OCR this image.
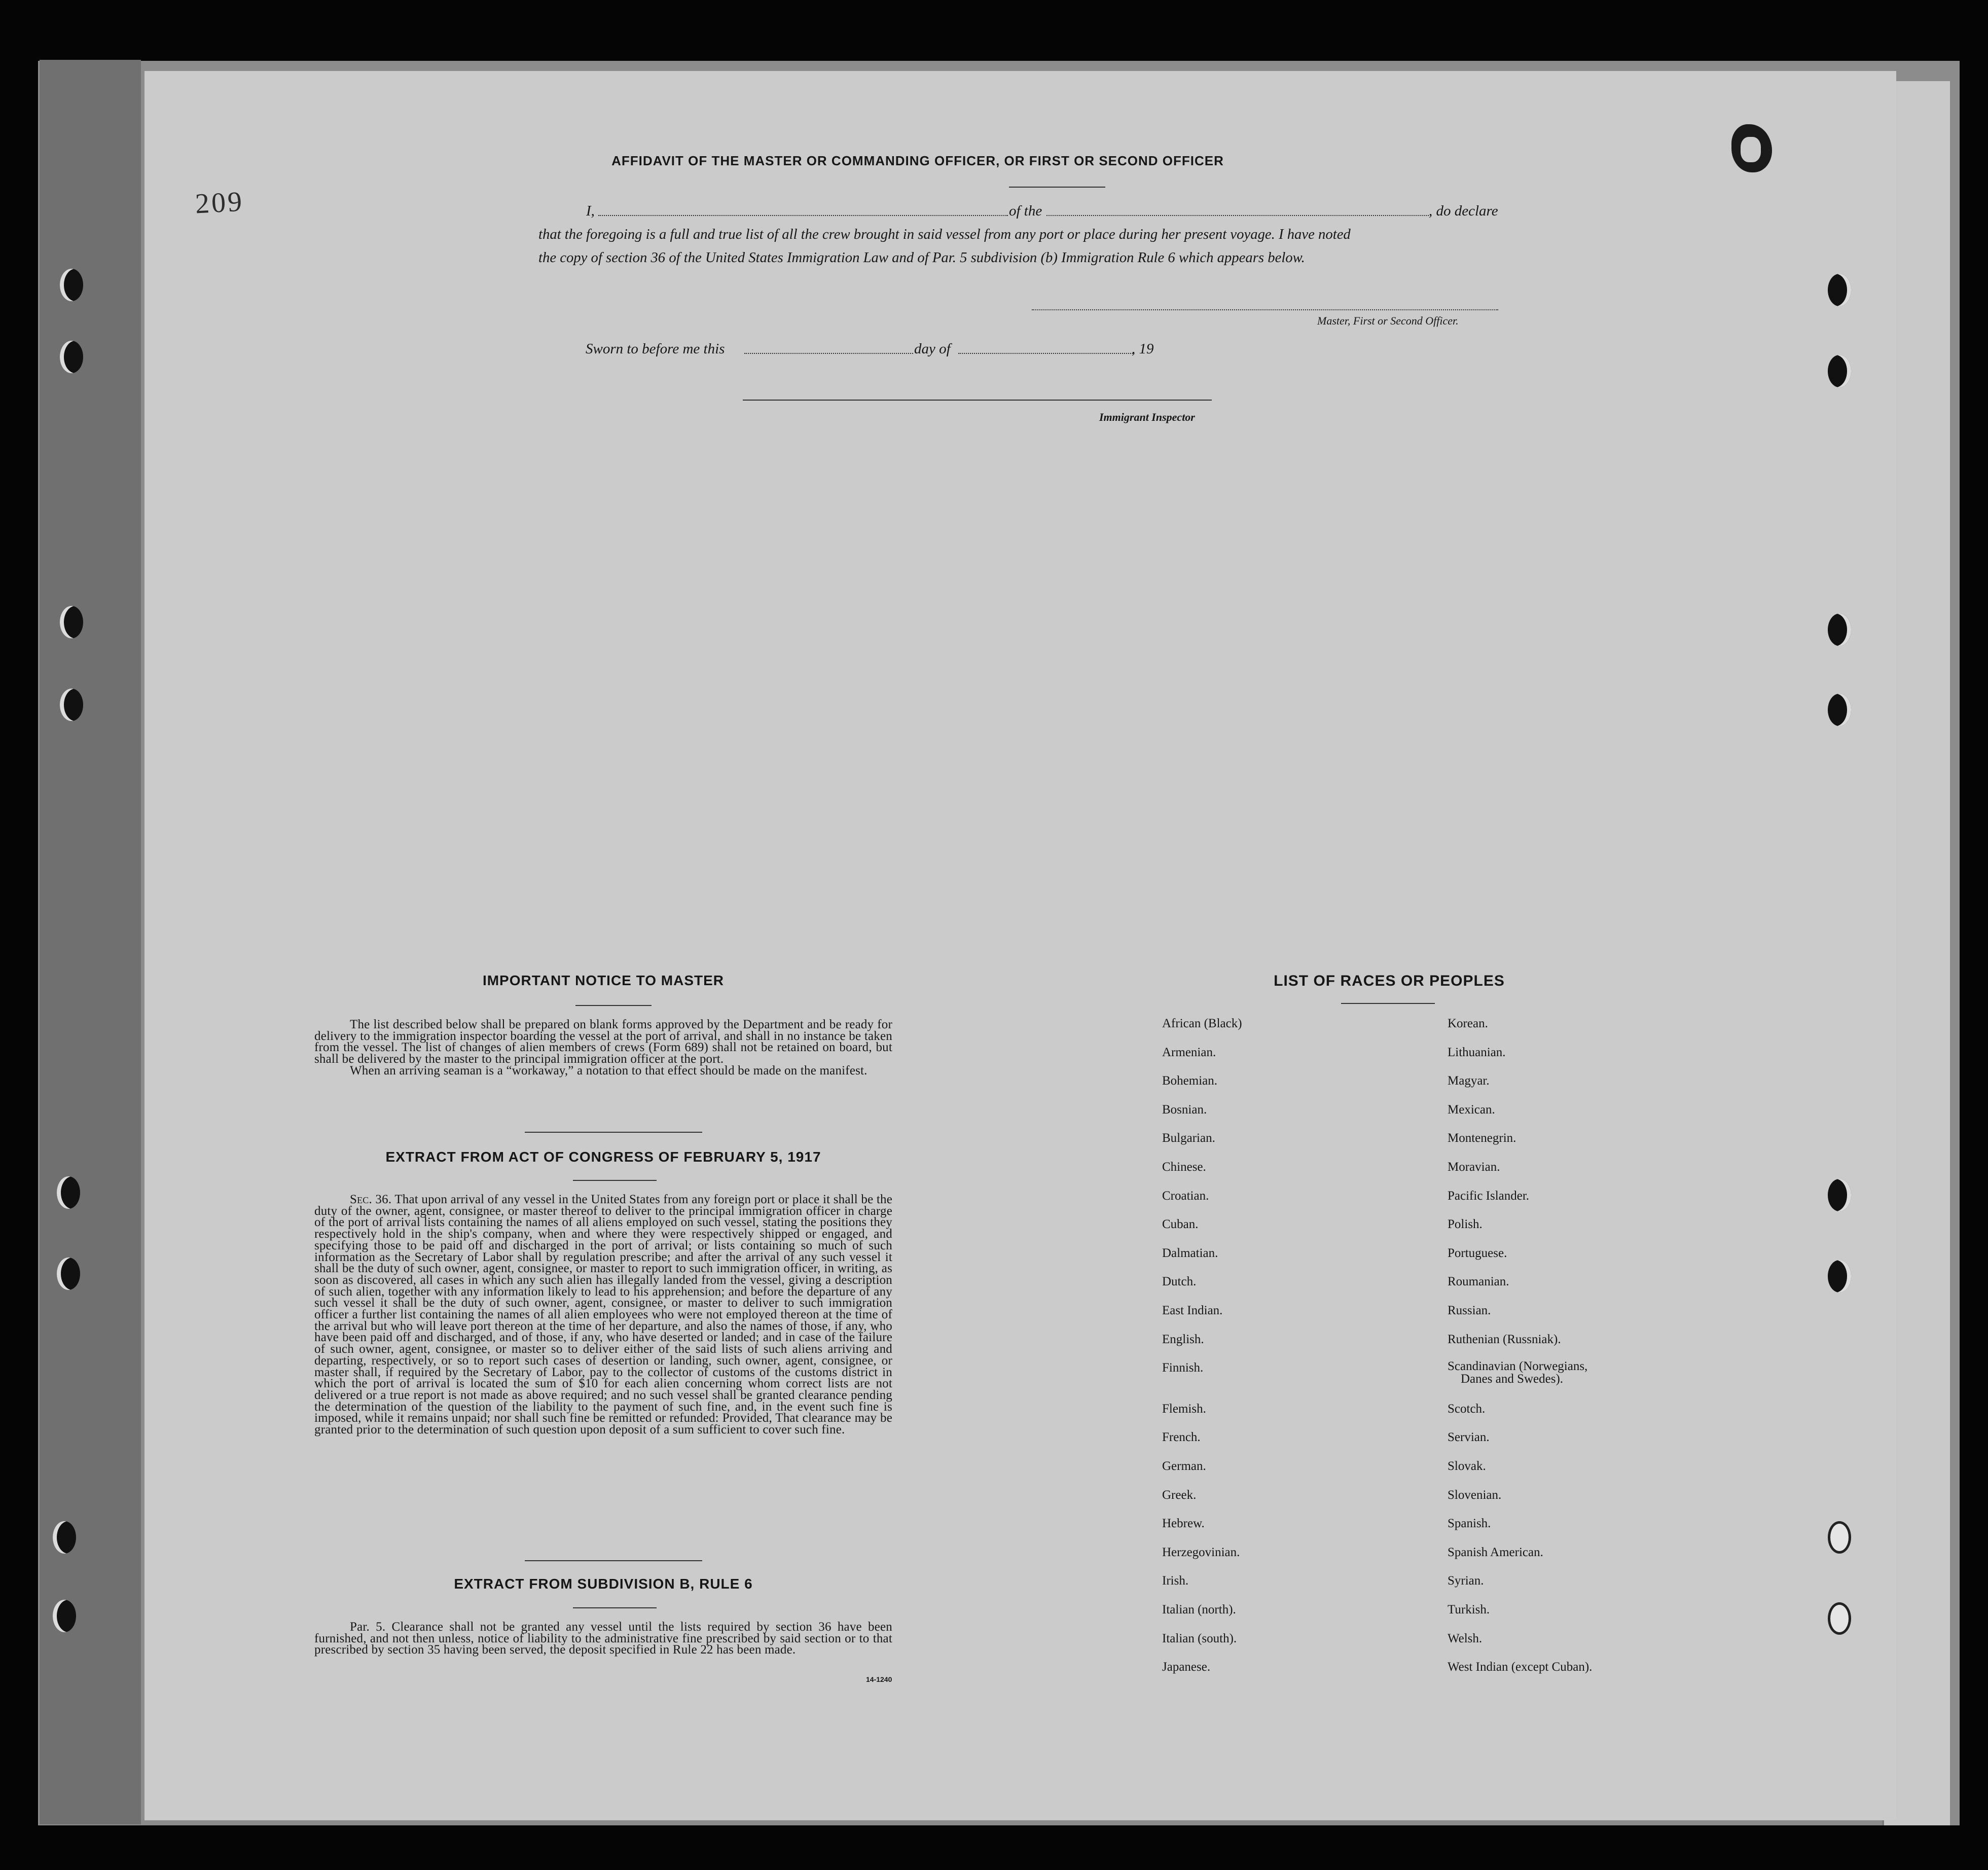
209
AFFIDAVIT OF THE MASTER OR COMMANDING OFFICER, OR FIRST OR SECOND OFFICER
I,	of the	, do declare
that the foregoing is a full and true list of all the crew brought in said vessel from any port or place during her present voyage. I have noted
the copy of section 36 of the United States Immigration Law and of Par. 5 subdivision (b) Immigration Rule 6 which appears below.
Master, First or Second Officer.
Sworn to before me this	day of	, 19
Immigrant Inspector
IMPORTANT NOTICE TO MASTER

The list described below shall be prepared on blank forms approved by the Department and be ready for delivery to the immigration inspector boarding the vessel at the port of arrival, and shall in no instance be taken from the vessel. The list of changes of alien members of crews (Form 689) shall not be retained on board, but shall be delivered by the master to the principal immigration officer at the port.

When an arriving seaman is a “workaway,” a notation to that effect should be made on the manifest.

EXTRACT FROM ACT OF CONGRESS OF FEBRUARY 5, 1917

Sec. 36. That upon arrival of any vessel in the United States from any foreign port or place it shall be the duty of the owner, agent, consignee, or master thereof to deliver to the principal immigration officer in charge of the port of arrival lists containing the names of all aliens employed on such vessel, stating the positions they respectively hold in the ship's company, when and where they were respectively shipped or engaged, and specifying those to be paid off and discharged in the port of arrival; or lists containing so much of such information as the Secretary of Labor shall by regulation prescribe; and after the arrival of any such vessel it shall be the duty of such owner, agent, consignee, or master to report to such immigration officer, in writing, as soon as discovered, all cases in which any such alien has illegally landed from the vessel, giving a description of such alien, together with any information likely to lead to his apprehension; and before the departure of any such vessel it shall be the duty of such owner, agent, consignee, or master to deliver to such immigration officer a further list containing the names of all alien employees who were not employed thereon at the time of the arrival but who will leave port thereon at the time of her departure, and also the names of those, if any, who have been paid off and discharged, and of those, if any, who have deserted or landed; and in case of the failure of such owner, agent, consignee, or master so to deliver either of the said lists of such aliens arriving and departing, respectively, or so to report such cases of desertion or landing, such owner, agent, consignee, or master shall, if required by the Secretary of Labor, pay to the collector of customs of the customs district in which the port of arrival is located the sum of $10 for each alien concerning whom correct lists are not delivered or a true report is not made as above required; and no such vessel shall be granted clearance pending the determination of the question of the liability to the payment of such fine, and, in the event such fine is imposed, while it remains unpaid; nor shall such fine be remitted or refunded: Provided, That clearance may be granted prior to the determination of such question upon deposit of a sum sufficient to cover such fine.

EXTRACT FROM SUBDIVISION B, RULE 6

Par. 5. Clearance shall not be granted any vessel until the lists required by section 36 have been furnished, and not then unless, notice of liability to the administrative fine prescribed by said section or to that prescribed by section 35 having been served, the deposit specified in Rule 22 has been made.

14-1240
LIST OF RACES OR PEOPLES
African (Black)
Armenian.
Bohemian.
Bosnian.
Bulgarian.
Chinese.
Croatian.
Cuban.
Dalmatian.
Dutch.
East Indian.
English.
Finnish.
Flemish.
French.
German.
Greek.
Hebrew.
Herzegovinian.
Irish.
Italian (north).
Italian (south).
Japanese.
Korean.
Lithuanian.
Magyar.
Mexican.
Montenegrin.
Moravian.
Pacific Islander.
Polish.
Portuguese.
Roumanian.
Russian.
Ruthenian (Russniak).
Scandinavian (Norwegians,
Danes and Swedes).
Scotch.
Servian.
Slovak.
Slovenian.
Spanish.
Spanish American.
Syrian.
Turkish.
Welsh.
West Indian (except Cuban).
